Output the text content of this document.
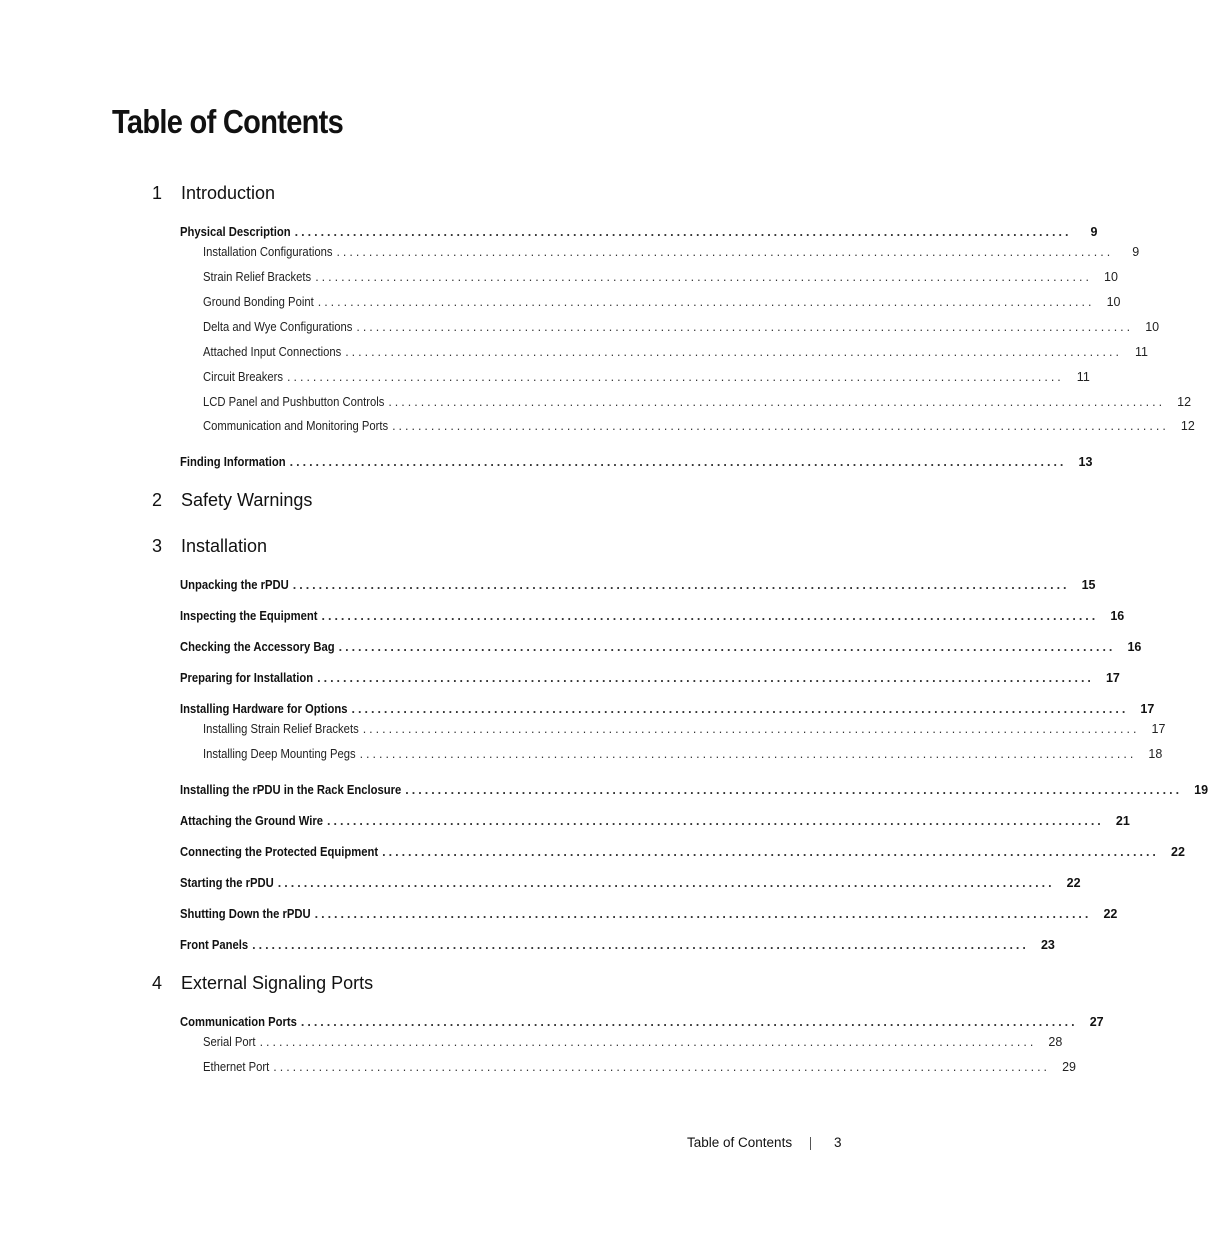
Table of Contents
1 Introduction
Physical Description ........................................................................................................................	9
Installation Configurations ........................................................................................................................	9
Strain Relief Brackets ........................................................................................................................ 10
Ground Bonding Point ........................................................................................................................ 10
Delta and Wye Configurations ........................................................................................................................ 10
Attached Input Connections ........................................................................................................................	11
Circuit Breakers ........................................................................................................................	11
LCD Panel and Pushbutton Controls ........................................................................................................................ 12
Communication and Monitoring Ports ........................................................................................................................ 12
Finding Information ........................................................................................................................ 13
2 Safety Warnings
3 Installation
Unpacking the rPDU ........................................................................................................................ 15
Inspecting the Equipment ........................................................................................................................ 16
Checking the Accessory Bag ........................................................................................................................ 16
Preparing for Installation ........................................................................................................................ 17
Installing Hardware for Options ........................................................................................................................ 17
Installing Strain Relief Brackets ........................................................................................................................ 17
Installing Deep Mounting Pegs ........................................................................................................................ 18
Installing the rPDU in the Rack Enclosure ........................................................................................................................ 19
Attaching the Ground Wire ........................................................................................................................ 21
Connecting the Protected Equipment ........................................................................................................................ 22
Starting the rPDU ........................................................................................................................ 22
Shutting Down the rPDU ........................................................................................................................ 22
Front Panels ........................................................................................................................ 23
4 External Signaling Ports
Communication Ports ........................................................................................................................ 27
Serial Port ........................................................................................................................ 28
Ethernet Port ........................................................................................................................ 29
Table of Contents	3
